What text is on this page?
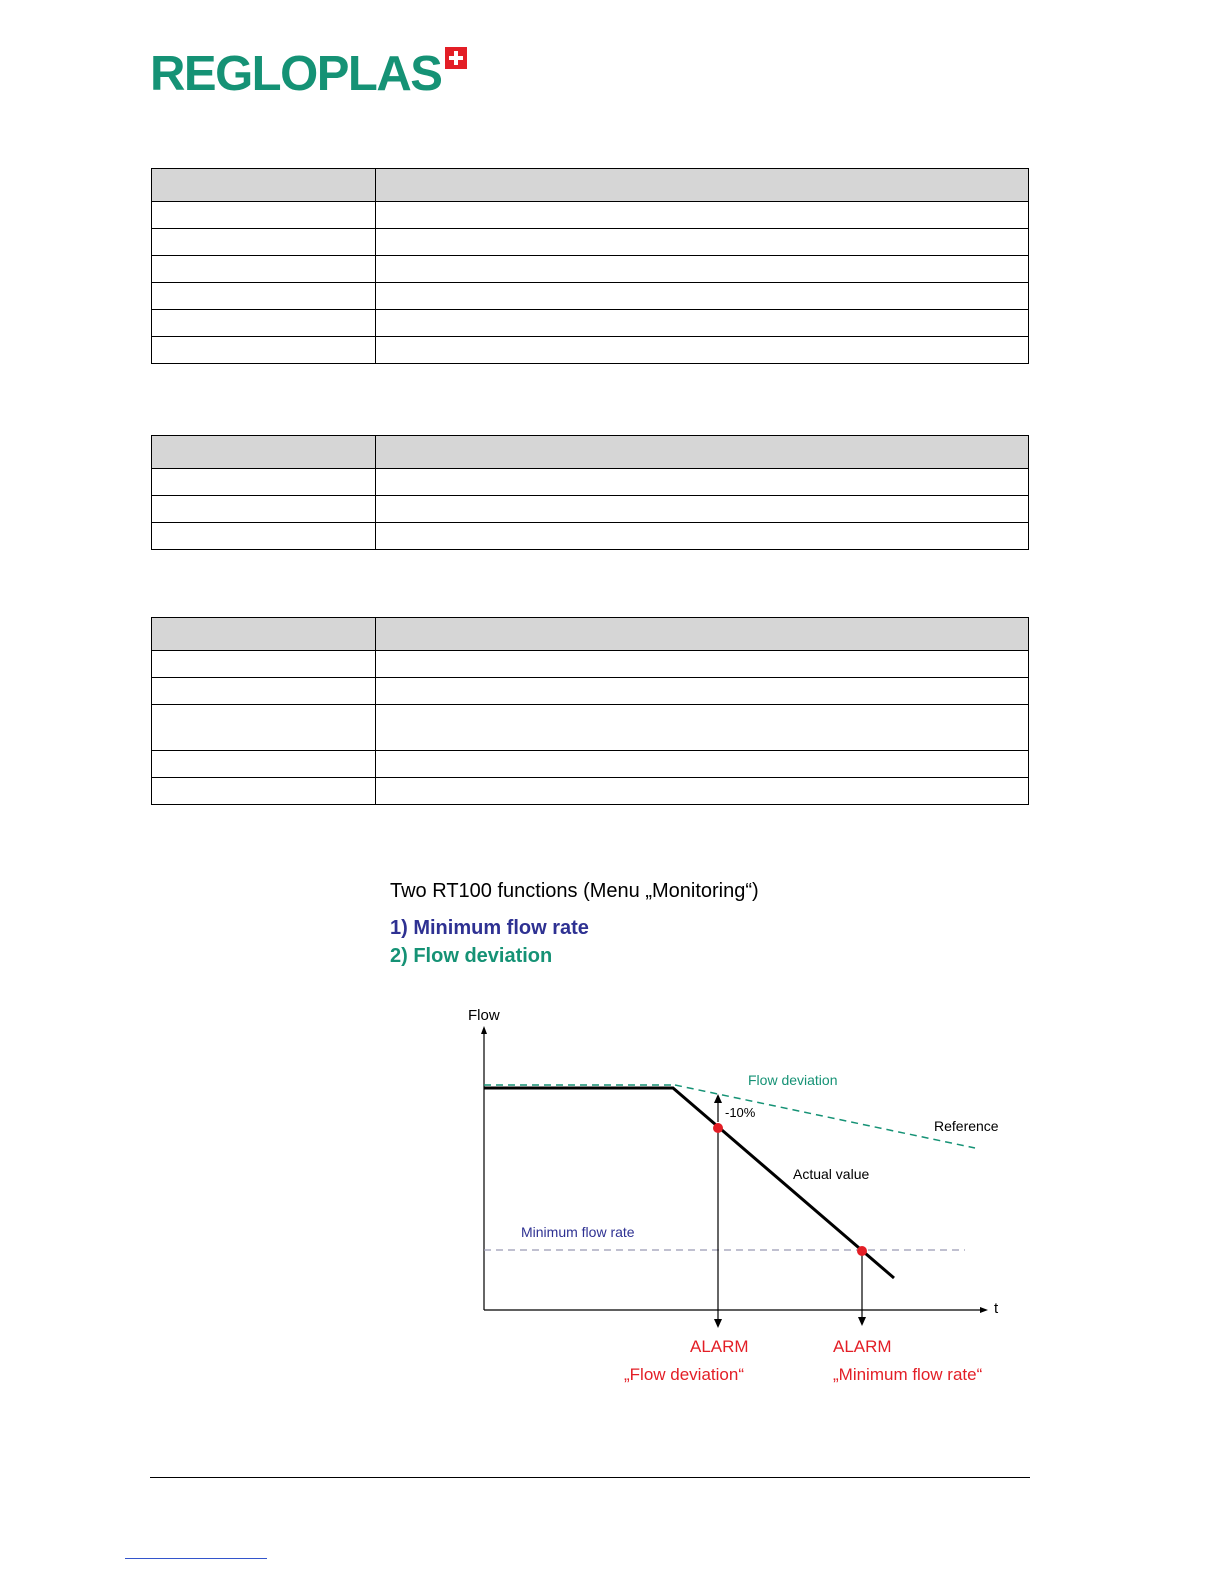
REGLOPLAS

Two RT100 functions (Menu „Monitoring“)
1) Minimum flow rate
2) Flow deviation
Flow
t
Flow deviation
-10%
Reference
Actual value
Minimum flow rate
ALARM
„Flow deviation“
ALARM
„Minimum flow rate“
